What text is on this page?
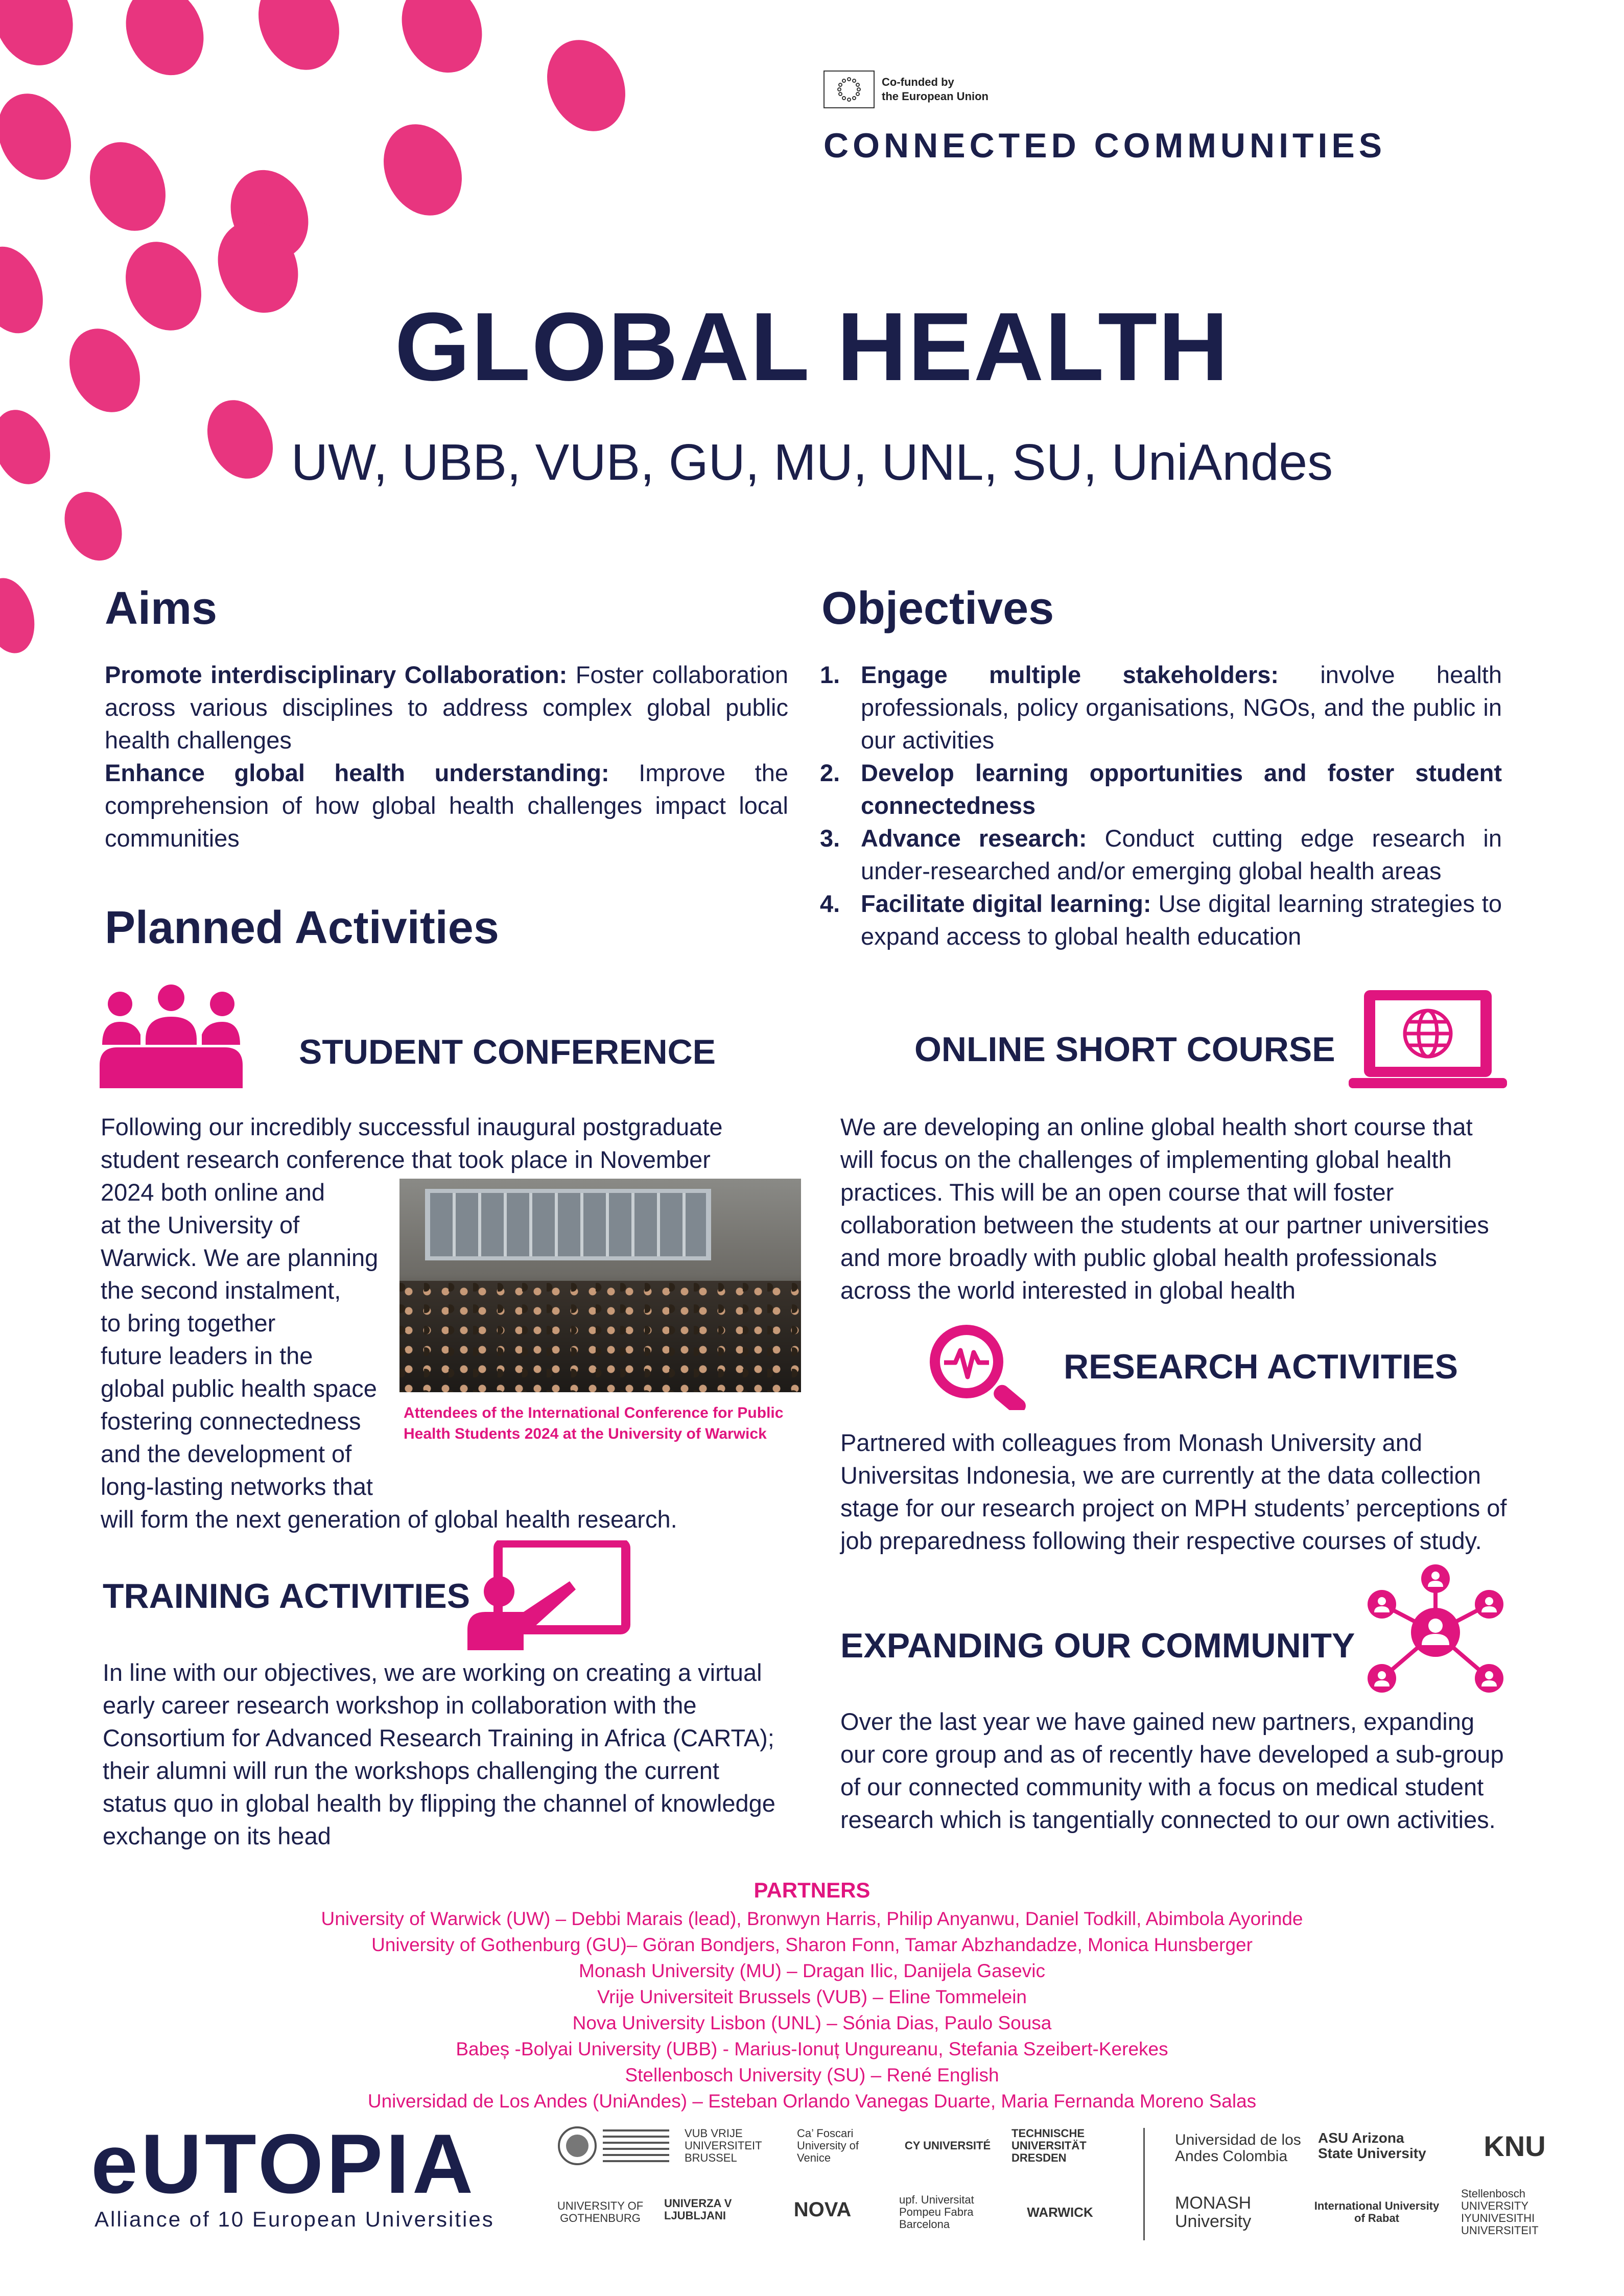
Co-funded by
the European Union
CONNECTED COMMUNITIES
GLOBAL HEALTH
UW, UBB, VUB, GU, MU, UNL, SU, UniAndes
Aims
Promote interdisciplinary Collaboration: Foster collaboration across various disciplines to address complex global public health challenges
Enhance global health understanding: Improve the comprehension of how global health challenges impact local communities
Objectives
1. Engage multiple stakeholders: involve health professionals, policy organisations, NGOs, and the public in our activities
2. Develop learning opportunities and foster student connectedness
3. Advance research: Conduct cutting edge research in under-researched and/or emerging global health areas
4. Facilitate digital learning: Use digital learning strategies to expand access to global health education
Planned Activities
STUDENT CONFERENCE
Following our incredibly successful inaugural postgraduate
student research conference that took place in November
2024 both online and
at the University of
Warwick. We are planning
the second instalment,
to bring together
future leaders in the
global public health space
fostering connectedness
and the development of
long-lasting networks that
will form the next generation of global health research.
Attendees of the International Conference for Public Health Students 2024 at the University of Warwick
ONLINE SHORT COURSE

We are developing an online global health short course that will focus on the challenges of implementing global health practices. This will be an open course that will foster collaboration between the students at our partner universities and more broadly with public global health professionals across the world interested in global health

RESEARCH ACTIVITIES

Partnered with colleagues from Monash University and Universitas Indonesia, we are currently at the data collection stage for our research project on MPH students’ perceptions of job preparedness following their respective courses of study.

TRAINING ACTIVITIES

In line with our objectives, we are working on creating a virtual early career research workshop in collaboration with the Consortium for Advanced Research Training in Africa (CARTA); their alumni will run the workshops challenging the current status quo in global health by flipping the channel of knowledge exchange on its head

EXPANDING OUR COMMUNITY

Over the last year we have gained new partners, expanding our core group and as of recently have developed a sub-group of our connected community with a focus on medical student research which is tangentially connected to our own activities.

PARTNERS

University of Warwick (UW) – Debbi Marais (lead), Bronwyn Harris, Philip Anyanwu, Daniel Todkill, Abimbola Ayorinde

University of Gothenburg (GU)– Göran Bondjers, Sharon Fonn, Tamar Abzhandadze, Monica Hunsberger

Monash University (MU) – Dragan Ilic, Danijela Gasevic

Vrije Universiteit Brussels (VUB) – Eline Tommelein

Nova University Lisbon (UNL) – Sónia Dias, Paulo Sousa

Babeș -Bolyai University (UBB) - Marius-Ionuț Ungureanu, Stefania Szeibert-Kerekes

Stellenbosch University (SU) – René English

Universidad de Los Andes (UniAndes) – Esteban Orlando Vanegas Duarte, Maria Fernanda Moreno Salas

eUTOPIA
Alliance of 10 European Universities
VUB VRIJE UNIVERSITEIT BRUSSEL
Ca’ Foscari University of Venice
CY UNIVERSITÉ
TECHNISCHE UNIVERSITÄT DRESDEN
UNIVERSITY OF GOTHENBURG
UNIVERZA V LJUBLJANI	NOVA	upf. Universitat Pompeu Fabra Barcelona
WARWICK
Universidad de los Andes Colombia
ASU Arizona State University	KNU
MONASH University
International University of Rabat
Stellenbosch UNIVERSITY IYUNIVESITHI UNIVERSITEIT
